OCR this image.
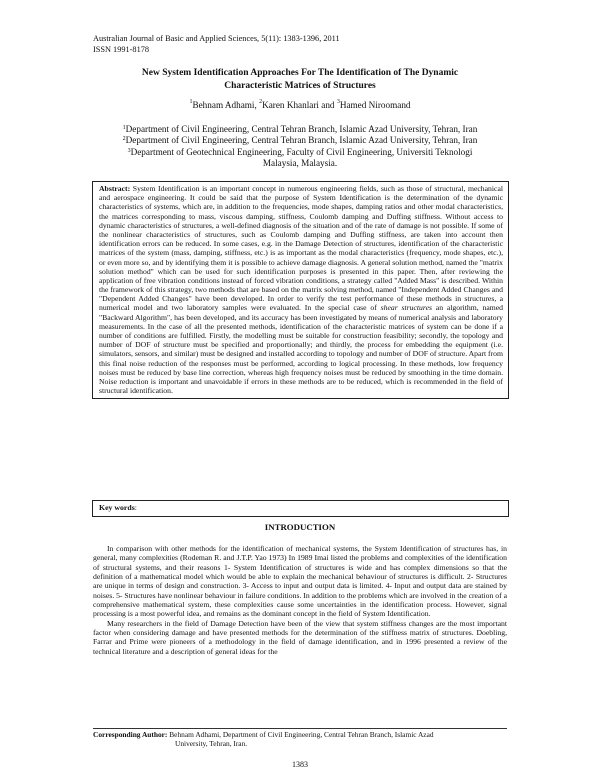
Australian Journal of Basic and Applied Sciences, 5(11): 1383-1396, 2011
ISSN 1991-8178
New System Identification Approaches For The Identification of The Dynamic
Characteristic Matrices of Structures
$^1$Behnam Adhami, $^2$Karen Khanlari and $^3$Hamed Niroomand
$^1$Department of Civil Engineering, Central Tehran Branch, Islamic Azad University, Tehran, Iran
$^2$Department of Civil Engineering, Central Tehran Branch, Islamic Azad University, Tehran, Iran
$^3$Department of Geotechnical Engineering, Faculty of Civil Engineering, Universiti Teknologi
Malaysia, Malaysia.
Abstract: System Identification is an important concept in numerous engineering fields, such as those of structural, mechanical and aerospace engineering. It could be said that the purpose of System Identification is the determination of the dynamic characteristics of systems, which are, in addition to the frequencies, mode shapes, damping ratios and other modal characteristics, the matrices corresponding to mass, viscous damping, stiffness, Coulomb damping and Duffing stiffness. Without access to dynamic characteristics of structures, a well-defined diagnosis of the situation and of the rate of damage is not possible. If some of the nonlinear characteristics of structures, such as Coulomb damping and Duffing stiffness, are taken into account then identification errors can be reduced. In some cases, e.g. in the Damage Detection of structures, identification of the characteristic matrices of the system (mass, damping, stiffness, etc.) is as important as the modal characteristics (frequency, mode shapes, etc.), or even more so, and by identifying them it is possible to achieve damage diagnosis. A general solution method, named the "matrix solution method" which can be used for such identification purposes is presented in this paper. Then, after reviewing the application of free vibration conditions instead of forced vibration conditions, a strategy called "Added Mass" is described. Within the framework of this strategy, two methods that are based on the matrix solving method, named "Independent Added Changes and "Dependent Added Changes" have been developed. In order to verify the test performance of these methods in structures, a numerical model and two laboratory samples were evaluated. In the special case of shear structures an algorithm, named "Backward Algorithm", has been developed, and its accuracy has been investigated by means of numerical analysis and laboratory measurements. In the case of all the presented methods, identification of the characteristic matrices of system can be done if a number of conditions are fulfilled. Firstly, the modelling must be suitable for construction feasibility; secondly, the topology and number of DOF of structure must be specified and proportionally; and thirdly, the process for embedding the equipment (i.e. simulators, sensors, and similar) must be designed and installed according to topology and number of DOF of structure. Apart from this final noise reduction of the responses must be performed, according to logical processing. In these methods, low frequency noises must be reduced by base line correction, whereas high frequency noises must be reduced by smoothing in the time domain. Noise reduction is important and unavoidable if errors in these methods are to be reduced, which is recommended in the field of structural identification.
Key words:
INTRODUCTION

In comparison with other methods for the identification of mechanical systems, the System Identification of structures has, in general, many complexities (Rodeman R. and J.T.P. Yao 1973) In 1989 Imai listed the problems and complexities of the identification of structural systems, and their reasons 1- System Identification of structures is wide and has complex dimensions so that the definition of a mathematical model which would be able to explain the mechanical behaviour of structures is difficult. 2- Structures are unique in terms of design and construction. 3- Access to input and output data is limited. 4- Input and output data are stained by noises. 5- Structures have nonlinear behaviour in failure conditions. In addition to the problems which are involved in the creation of a comprehensive mathematical system, these complexities cause some uncertainties in the identification process. However, signal processing is a most powerful idea, and remains as the dominant concept in the field of System Identification.

Many researchers in the field of Damage Detection have been of the view that system stiffness changes are the most important factor when considering damage and have presented methods for the determination of the stiffness matrix of structures. Doebling, Farrar and Prime were pioneers of a methodology in the field of damage identification, and in 1996 presented a review of the technical literature and a description of general ideas for the

Corresponding Author: Behnam Adhami, Department of Civil Engineering, Central Tehran Branch, Islamic Azad
University, Tehran, Iran.
1383
